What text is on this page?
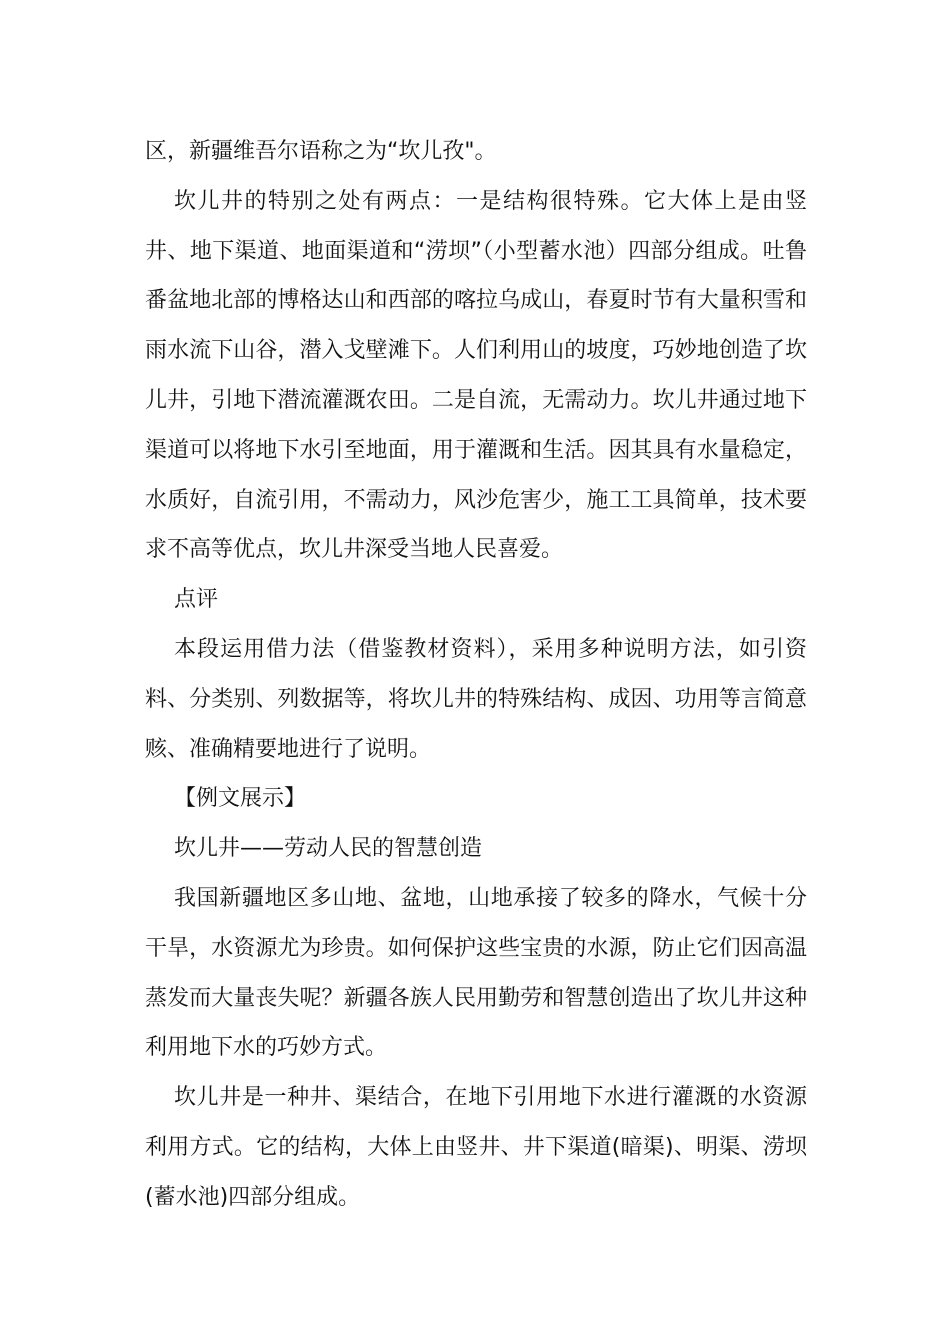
区，新疆维吾尔语称之为“坎儿孜"。

坎儿井的特别之处有两点：一是结构很特殊。它大体上是由竖井、地下渠道、地面渠道和“涝坝”（小型蓄水池）四部分组成。吐鲁番盆地北部的博格达山和西部的喀拉乌成山，春夏时节有大量积雪和雨水流下山谷，潜入戈壁滩下。人们利用山的坡度，巧妙地创造了坎儿井，引地下潜流灌溉农田。二是自流，无需动力。坎儿井通过地下渠道可以将地下水引至地面，用于灌溉和生活。因其具有水量稳定，水质好，自流引用，不需动力，风沙危害少，施工工具简单，技术要求不高等优点，坎儿井深受当地人民喜爱。

点评

本段运用借力法（借鉴教材资料），采用多种说明方法，如引资料、分类别、列数据等，将坎儿井的特殊结构、成因、功用等言简意赅、准确精要地进行了说明。

【例文展示】

坎儿井——劳动人民的智慧创造

我国新疆地区多山地、盆地，山地承接了较多的降水，气候十分干旱，水资源尤为珍贵。如何保护这些宝贵的水源，防止它们因高温蒸发而大量丧失呢？新疆各族人民用勤劳和智慧创造出了坎儿井这种利用地下水的巧妙方式。

坎儿井是一种井、渠结合，在地下引用地下水进行灌溉的水资源利用方式。它的结构，大体上由竖井、井下渠道(暗渠)、明渠、涝坝(蓄水池)四部分组成。
